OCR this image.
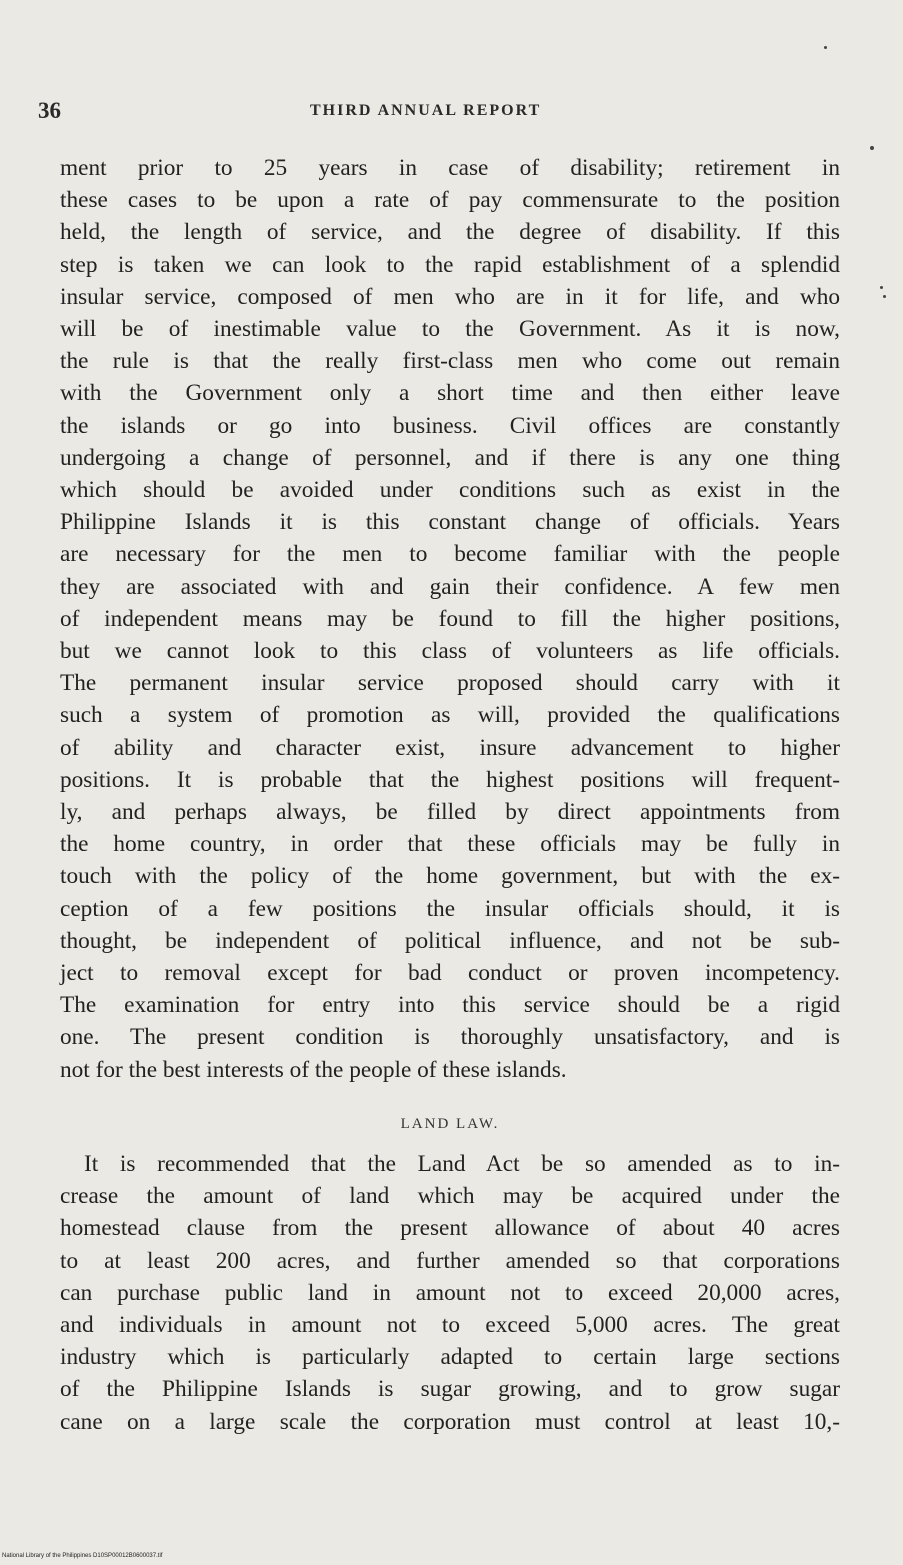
36	THIRD ANNUAL REPORT
ment prior to 25 years in case of disability; retirement in
these cases to be upon a rate of pay commensurate to the position
held, the length of service, and the degree of disability. If this
step is taken we can look to the rapid establishment of a splendid
insular service, composed of men who are in it for life, and who
will be of inestimable value to the Government. As it is now,
the rule is that the really first-class men who come out remain
with the Government only a short time and then either leave
the islands or go into business. Civil offices are constantly
undergoing a change of personnel, and if there is any one thing
which should be avoided under conditions such as exist in the
Philippine Islands it is this constant change of officials. Years
are necessary for the men to become familiar with the people
they are associated with and gain their confidence. A few men
of independent means may be found to fill the higher positions,
but we cannot look to this class of volunteers as life officials.
The permanent insular service proposed should carry with it
such a system of promotion as will, provided the qualifications
of ability and character exist, insure advancement to higher
positions. It is probable that the highest positions will frequent-
ly, and perhaps always, be filled by direct appointments from
the home country, in order that these officials may be fully in
touch with the policy of the home government, but with the ex-
ception of a few positions the insular officials should, it is
thought, be independent of political influence, and not be sub-
ject to removal except for bad conduct or proven incompetency.
The examination for entry into this service should be a rigid
one. The present condition is thoroughly unsatisfactory, and is
not for the best interests of the people of these islands.
LAND LAW.
It is recommended that the Land Act be so amended as to in-
crease the amount of land which may be acquired under the
homestead clause from the present allowance of about 40 acres
to at least 200 acres, and further amended so that corporations
can purchase public land in amount not to exceed 20,000 acres,
and individuals in amount not to exceed 5,000 acres. The great
industry which is particularly adapted to certain large sections
of the Philippine Islands is sugar growing, and to grow sugar
cane on a large scale the corporation must control at least 10,-
National Library of the Philippines D10SP00012B0600037.tif
